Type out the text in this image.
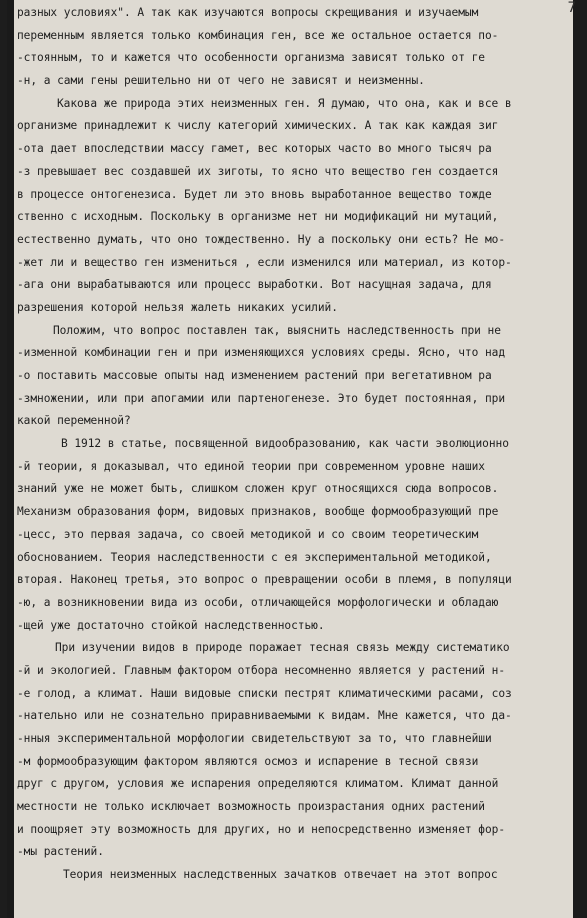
7
разных условиях". А так как изучаются вопросы скрещивания и изучаемым
переменным является только комбинация ген, все же остальное остается по-
-стоянным, то и кажется что особенности организма зависят только от ге
-н, а сами гены решительно ни от чего не зависят и неизменны.
Какова же природа этих неизменных ген. Я думаю, что она, как и все в
организме принадлежит к числу категорий химических. А так как каждая зиг
-ота дает впоследствии массу гамет, вес которых часто во много тысяч ра
-з превышает вес создавшей их зиготы, то ясно что вещество ген создается
в процессе онтогенезиса. Будет ли это вновь выработанное вещество тожде
ственно с исходным. Поскольку в организме нет ни модификаций ни мутаций,
естественно думать, что оно тождественно. Ну а поскольку они есть? Не мо-
-жет ли и вещество ген измениться , если изменился или материал, из котор-
-ага они вырабатываются или процесс выработки. Вот насущная задача, для
разрешения которой нельзя жалеть никаких усилий.
Положим, что вопрос поставлен так, выяснить наследственность при не
-изменной комбинации ген и при изменяющихся условиях среды. Ясно, что над
-о поставить массовые опыты над изменением растений при вегетативном ра
-змножении, или при апогамии или партеногенезе. Это будет постоянная, при
какой переменной?
В 1912 в статье, посвященной видообразованию, как части эволюционно
-й теории, я доказывал, что единой теории при современном уровне наших
знаний уже не может быть, слишком сложен круг относящихся сюда вопросов.
Механизм образования форм, видовых признаков, вообще формообразующий пре
-цесс, это первая задача, со своей методикой и со своим теоретическим
обоснованием. Теория наследственности с ея экспериментальной методикой,
вторая. Наконец третья, это вопрос о превращении особи в племя, в популяци
-ю, а возникновении вида из особи, отличающейся морфологически и обладаю
-щей уже достаточно стойкой наследственностью.
При изучении видов в природе поражает тесная связь между систематико
-й и экологией. Главным фактором отбора несомненно является у растений н-
-е голод, а климат. Наши видовые списки пестрят климатическими расами, соз
-нательно или не сознательно приравниваемыми к видам. Мне кажется, что да-
-нныя экспериментальной морфологии свидетельствуют за то, что главнейши
-м формообразующим фактором являются осмоз и испарение в тесной связи
друг с другом, условия же испарения определяются климатом. Климат данной
местности не только исключает возможность произрастания одних растений
и поощряет эту возможность для других, но и непосредственно изменяет фор-
-мы растений.
Теория неизменных наследственных зачатков отвечает на этот вопрос
